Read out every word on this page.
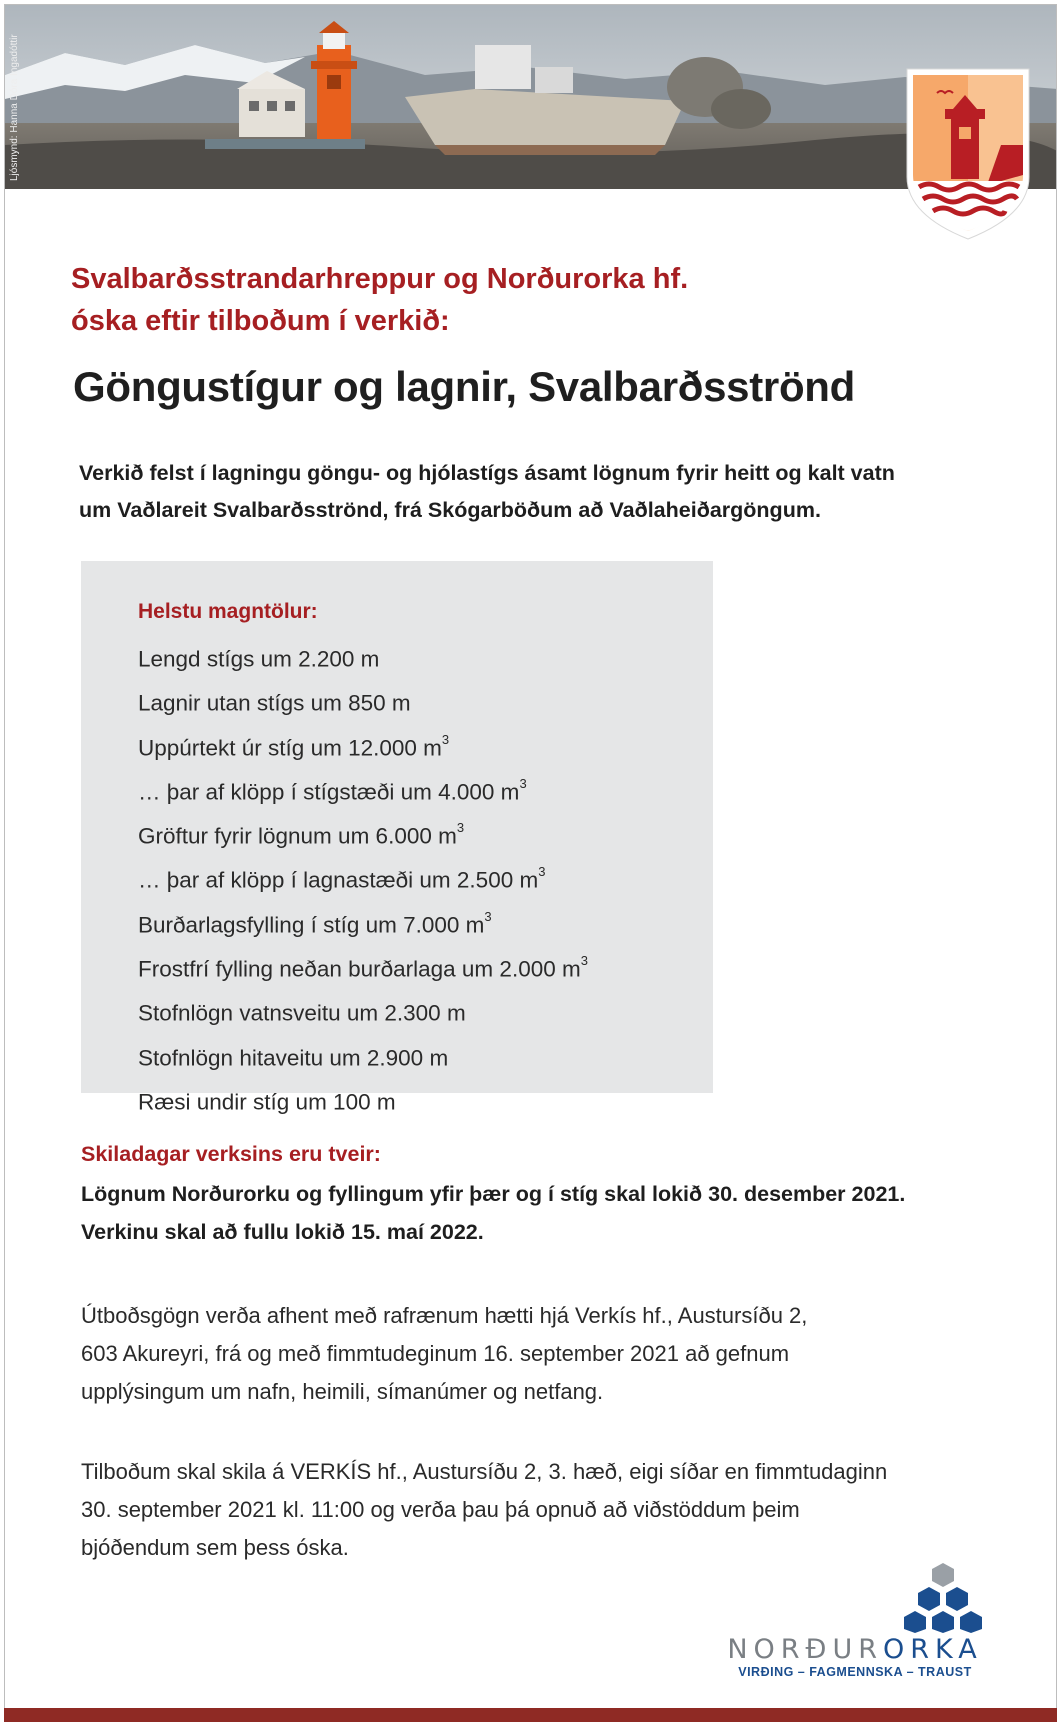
Ljósmynd: Hanna Dóra Ingadóttir
Svalbarðsstrandarhreppur og Norðurorka hf.
óska eftir tilboðum í verkið:
Göngustígur og lagnir, Svalbarðsströnd
Verkið felst í lagningu göngu- og hjólastígs ásamt lögnum fyrir heitt og kalt vatn
um Vaðlareit Svalbarðsströnd, frá Skógarböðum að Vaðlaheiðargöngum.
Helstu magntölur:
Lengd stígs um 2.200 m
Lagnir utan stígs um 850 m
Uppúrtekt úr stíg um 12.000 $m^3$
… þar af klöpp í stígstæði um 4.000 $m^3$
Gröftur fyrir lögnum um 6.000 $m^3$
… þar af klöpp í lagnastæði um 2.500 $m^3$
Burðarlagsfylling í stíg um 7.000 $m^3$
Frostfrí fylling neðan burðarlaga um 2.000 $m^3$
Stofnlögn vatnsveitu um 2.300 m
Stofnlögn hitaveitu um 2.900 m
Ræsi undir stíg um 100 m
Skiladagar verksins eru tveir:
Lögnum Norðurorku og fyllingum yfir þær og í stíg skal lokið 30. desember 2021.
Verkinu skal að fullu lokið 15. maí 2022.
Útboðsgögn verða afhent með rafrænum hætti hjá Verkís hf., Austursíðu 2,
603 Akureyri, frá og með fimmtudeginum 16. september 2021 að gefnum
upplýsingum um nafn, heimili, símanúmer og netfang.
Tilboðum skal skila á VERKÍS hf., Austursíðu 2, 3. hæð, eigi síðar en fimmtudaginn
30. september 2021 kl. 11:00 og verða þau þá opnuð að viðstöddum þeim
bjóðendum sem þess óska.
NORÐURORKA
VIRÐING – FAGMENNSKA – TRAUST
